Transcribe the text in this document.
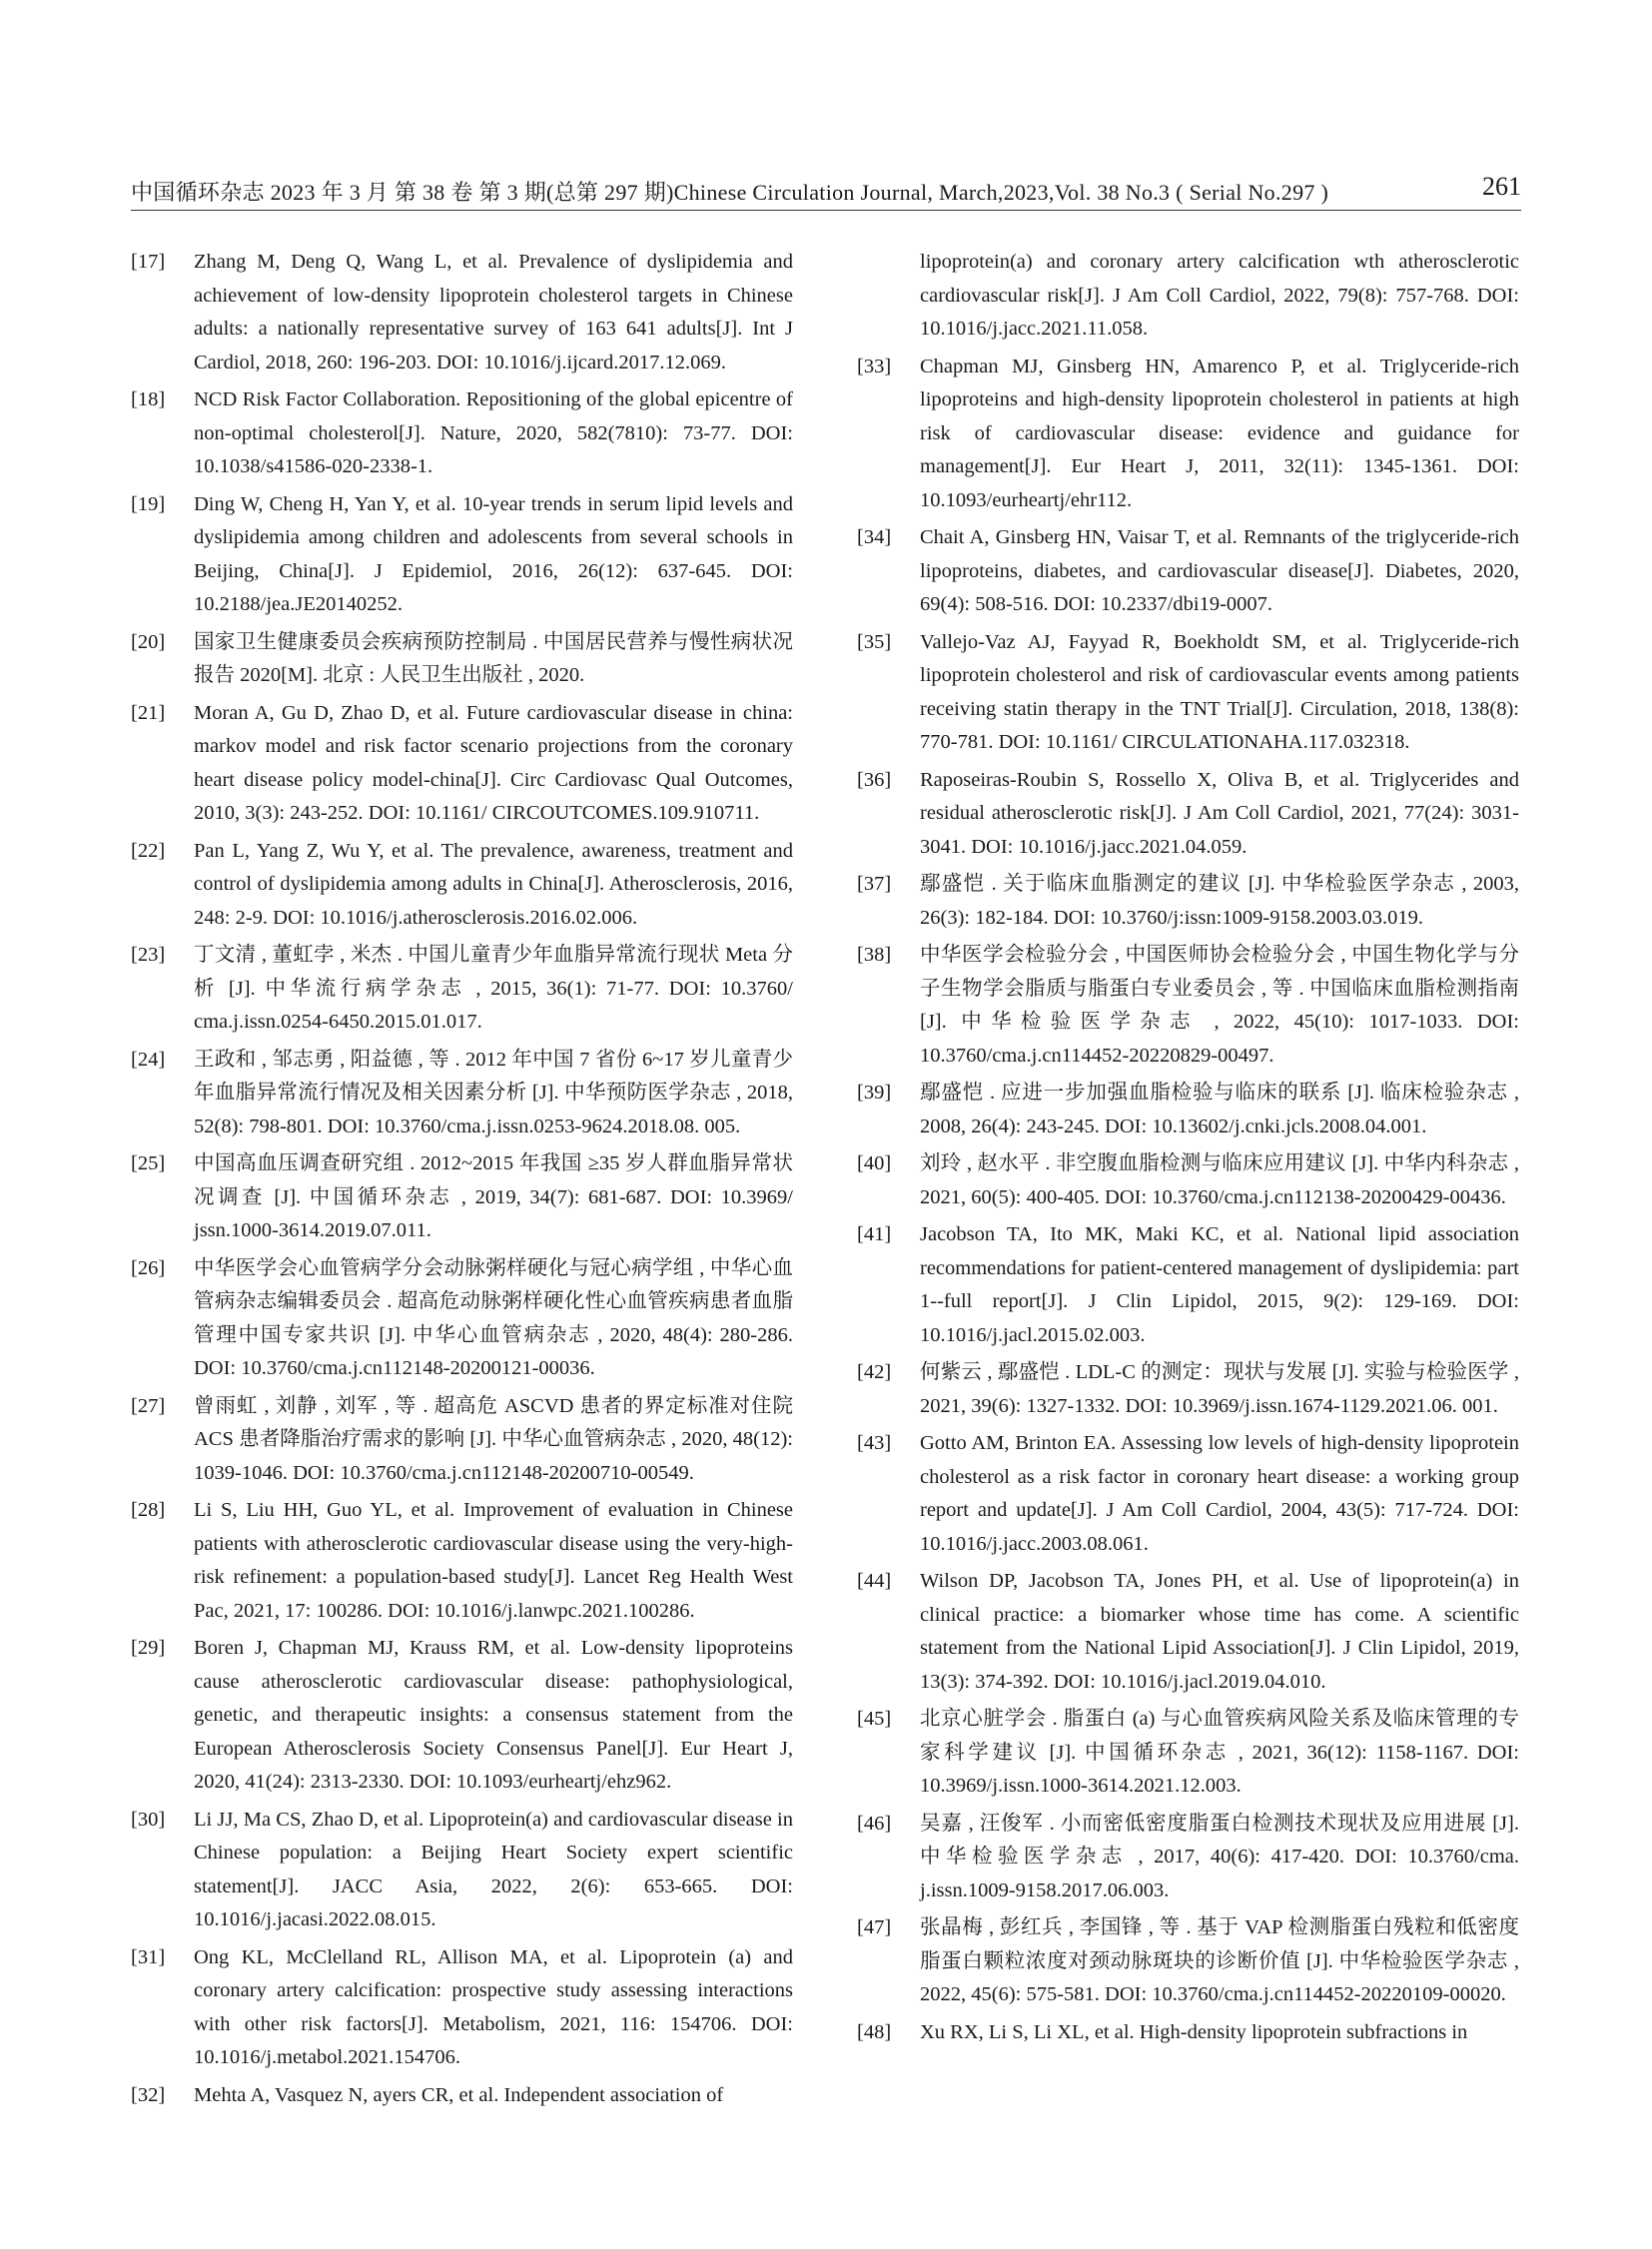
中国循环杂志 2023 年 3 月 第 38 卷 第 3 期(总第 297 期)Chinese Circulation Journal, March,2023,Vol. 38 No.3 ( Serial No.297 )	261
[17] Zhang M, Deng Q, Wang L, et al. Prevalence of dyslipidemia and achievement of low-density lipoprotein cholesterol targets in Chinese adults: a nationally representative survey of 163 641 adults[J]. Int J Cardiol, 2018, 260: 196-203. DOI: 10.1016/j.ijcard.2017.12.069.
[18] NCD Risk Factor Collaboration. Repositioning of the global epicentre of non-optimal cholesterol[J]. Nature, 2020, 582(7810): 73-77. DOI: 10.1038/s41586-020-2338-1.
[19] Ding W, Cheng H, Yan Y, et al. 10-year trends in serum lipid levels and dyslipidemia among children and adolescents from several schools in Beijing, China[J]. J Epidemiol, 2016, 26(12): 637-645. DOI: 10.2188/jea.JE20140252.
[20] 国家卫生健康委员会疾病预防控制局 . 中国居民营养与慢性病状况报告 2020[M]. 北京 : 人民卫生出版社 , 2020.
[21] Moran A, Gu D, Zhao D, et al. Future cardiovascular disease in china: markov model and risk factor scenario projections from the coronary heart disease policy model-china[J]. Circ Cardiovasc Qual Outcomes, 2010, 3(3): 243-252. DOI: 10.1161/ CIRCOUTCOMES.109.910711.
[22] Pan L, Yang Z, Wu Y, et al. The prevalence, awareness, treatment and control of dyslipidemia among adults in China[J]. Atherosclerosis, 2016, 248: 2-9. DOI: 10.1016/j.atherosclerosis.2016.02.006.
[23] 丁文清 , 董虹孛 , 米杰 . 中国儿童青少年血脂异常流行现状 Meta 分析 [J]. 中华流行病学杂志 , 2015, 36(1): 71-77. DOI: 10.3760/ cma.j.issn.0254-6450.2015.01.017.
[24] 王政和 , 邹志勇 , 阳益德 , 等 . 2012 年中国 7 省份 6~17 岁儿童青少年血脂异常流行情况及相关因素分析 [J]. 中华预防医学杂志 , 2018, 52(8): 798-801. DOI: 10.3760/cma.j.issn.0253-9624.2018.08. 005.
[25] 中国高血压调查研究组 . 2012~2015 年我国 ≥35 岁人群血脂异常状况调查 [J]. 中国循环杂志 , 2019, 34(7): 681-687. DOI: 10.3969/ jssn.1000-3614.2019.07.011.
[26] 中华医学会心血管病学分会动脉粥样硬化与冠心病学组 , 中华心血管病杂志编辑委员会 . 超高危动脉粥样硬化性心血管疾病患者血脂管理中国专家共识 [J]. 中华心血管病杂志 , 2020, 48(4): 280-286. DOI: 10.3760/cma.j.cn112148-20200121-00036.
[27] 曾雨虹 , 刘静 , 刘军 , 等 . 超高危 ASCVD 患者的界定标准对住院 ACS 患者降脂治疗需求的影响 [J]. 中华心血管病杂志 , 2020, 48(12): 1039-1046. DOI: 10.3760/cma.j.cn112148-20200710-00549.
[28] Li S, Liu HH, Guo YL, et al. Improvement of evaluation in Chinese patients with atherosclerotic cardiovascular disease using the very-high-risk refinement: a population-based study[J]. Lancet Reg Health West Pac, 2021, 17: 100286. DOI: 10.1016/j.lanwpc.2021.100286.
[29] Boren J, Chapman MJ, Krauss RM, et al. Low-density lipoproteins cause atherosclerotic cardiovascular disease: pathophysiological, genetic, and therapeutic insights: a consensus statement from the European Atherosclerosis Society Consensus Panel[J]. Eur Heart J, 2020, 41(24): 2313-2330. DOI: 10.1093/eurheartj/ehz962.
[30] Li JJ, Ma CS, Zhao D, et al. Lipoprotein(a) and cardiovascular disease in Chinese population: a Beijing Heart Society expert scientific statement[J]. JACC Asia, 2022, 2(6): 653-665. DOI: 10.1016/j.jacasi.2022.08.015.
[31] Ong KL, McClelland RL, Allison MA, et al. Lipoprotein (a) and coronary artery calcification: prospective study assessing interactions with other risk factors[J]. Metabolism, 2021, 116: 154706. DOI: 10.1016/j.metabol.2021.154706.
[32] Mehta A, Vasquez N, ayers CR, et al. Independent association of
lipoprotein(a) and coronary artery calcification wth atherosclerotic cardiovascular risk[J]. J Am Coll Cardiol, 2022, 79(8): 757-768. DOI: 10.1016/j.jacc.2021.11.058.
[33] Chapman MJ, Ginsberg HN, Amarenco P, et al. Triglyceride-rich lipoproteins and high-density lipoprotein cholesterol in patients at high risk of cardiovascular disease: evidence and guidance for management[J]. Eur Heart J, 2011, 32(11): 1345-1361. DOI: 10.1093/eurheartj/ehr112.
[34] Chait A, Ginsberg HN, Vaisar T, et al. Remnants of the triglyceride-rich lipoproteins, diabetes, and cardiovascular disease[J]. Diabetes, 2020, 69(4): 508-516. DOI: 10.2337/dbi19-0007.
[35] Vallejo-Vaz AJ, Fayyad R, Boekholdt SM, et al. Triglyceride-rich lipoprotein cholesterol and risk of cardiovascular events among patients receiving statin therapy in the TNT Trial[J]. Circulation, 2018, 138(8): 770-781. DOI: 10.1161/ CIRCULATIONAHA.117.032318.
[36] Raposeiras-Roubin S, Rossello X, Oliva B, et al. Triglycerides and residual atherosclerotic risk[J]. J Am Coll Cardiol, 2021, 77(24): 3031-3041. DOI: 10.1016/j.jacc.2021.04.059.
[37] 鄢盛恺 . 关于临床血脂测定的建议 [J]. 中华检验医学杂志 , 2003, 26(3): 182-184. DOI: 10.3760/j:issn:1009-9158.2003.03.019.
[38] 中华医学会检验分会 , 中国医师协会检验分会 , 中国生物化学与分子生物学会脂质与脂蛋白专业委员会 , 等 . 中国临床血脂检测指南 [J]. 中华检验医学杂志 , 2022, 45(10): 1017-1033. DOI: 10.3760/cma.j.cn114452-20220829-00497.
[39] 鄢盛恺 . 应进一步加强血脂检验与临床的联系 [J]. 临床检验杂志 , 2008, 26(4): 243-245. DOI: 10.13602/j.cnki.jcls.2008.04.001.
[40] 刘玲 , 赵水平 . 非空腹血脂检测与临床应用建议 [J]. 中华内科杂志 , 2021, 60(5): 400-405. DOI: 10.3760/cma.j.cn112138-20200429-00436.
[41] Jacobson TA, Ito MK, Maki KC, et al. National lipid association recommendations for patient-centered management of dyslipidemia: part 1--full report[J]. J Clin Lipidol, 2015, 9(2): 129-169. DOI: 10.1016/j.jacl.2015.02.003.
[42] 何紫云 , 鄢盛恺 . LDL-C 的测定：现状与发展 [J]. 实验与检验医学 , 2021, 39(6): 1327-1332. DOI: 10.3969/j.issn.1674-1129.2021.06. 001.
[43] Gotto AM, Brinton EA. Assessing low levels of high-density lipoprotein cholesterol as a risk factor in coronary heart disease: a working group report and update[J]. J Am Coll Cardiol, 2004, 43(5): 717-724. DOI: 10.1016/j.jacc.2003.08.061.
[44] Wilson DP, Jacobson TA, Jones PH, et al. Use of lipoprotein(a) in clinical practice: a biomarker whose time has come. A scientific statement from the National Lipid Association[J]. J Clin Lipidol, 2019, 13(3): 374-392. DOI: 10.1016/j.jacl.2019.04.010.
[45] 北京心脏学会 . 脂蛋白 (a) 与心血管疾病风险关系及临床管理的专家科学建议 [J]. 中国循环杂志 , 2021, 36(12): 1158-1167. DOI: 10.3969/j.issn.1000-3614.2021.12.003.
[46] 吴嘉 , 汪俊军 . 小而密低密度脂蛋白检测技术现状及应用进展 [J]. 中华检验医学杂志 , 2017, 40(6): 417-420. DOI: 10.3760/cma. j.issn.1009-9158.2017.06.003.
[47] 张晶梅 , 彭红兵 , 李国锋 , 等 . 基于 VAP 检测脂蛋白残粒和低密度脂蛋白颗粒浓度对颈动脉斑块的诊断价值 [J]. 中华检验医学杂志 , 2022, 45(6): 575-581. DOI: 10.3760/cma.j.cn114452-20220109-00020.
[48] Xu RX, Li S, Li XL, et al. High-density lipoprotein subfractions in
